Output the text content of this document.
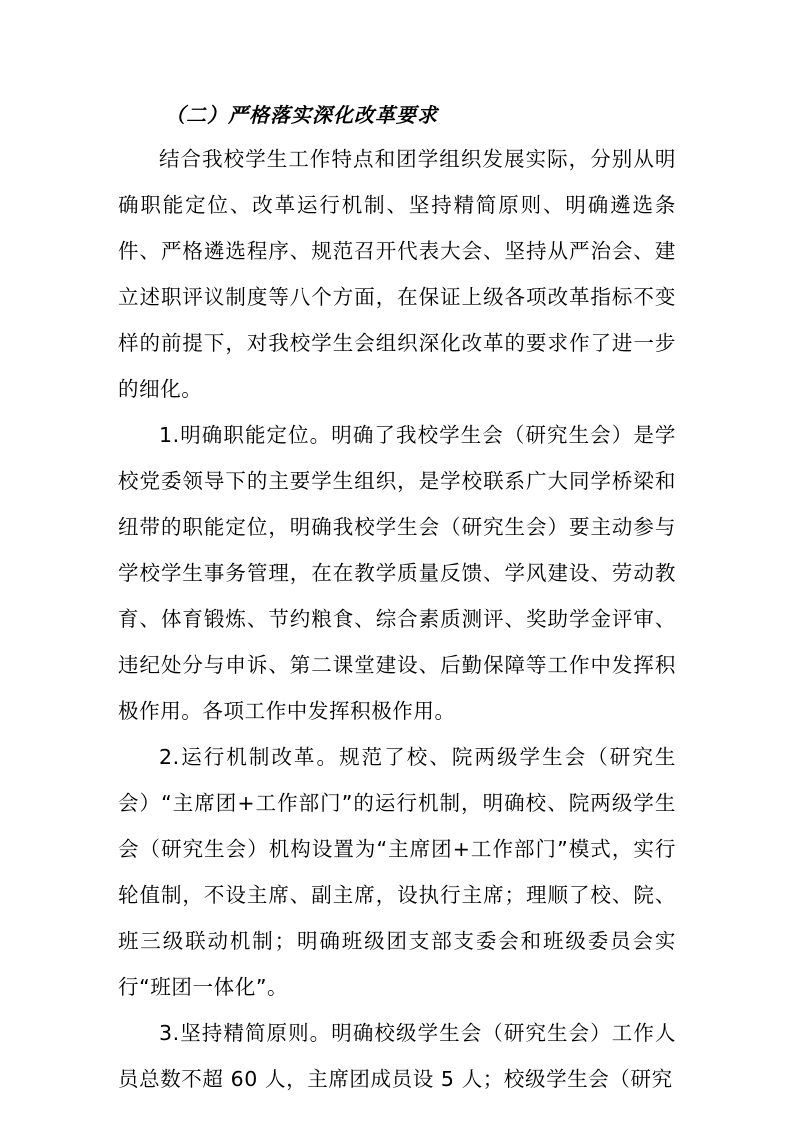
（二）严格落实深化改革要求

结合我校学生工作特点和团学组织发展实际，分别从明确职能定位、改革运行机制、坚持精简原则、明确遴选条件、严格遴选程序、规范召开代表大会、坚持从严治会、建立述职评议制度等八个方面，在保证上级各项改革指标不变样的前提下，对我校学生会组织深化改革的要求作了进一步的细化。

1.明确职能定位。明确了我校学生会（研究生会）是学校党委领导下的主要学生组织，是学校联系广大同学桥梁和纽带的职能定位，明确我校学生会（研究生会）要主动参与学校学生事务管理，在在教学质量反馈、学风建设、劳动教育、体育锻炼、节约粮食、综合素质测评、奖助学金评审、违纪处分与申诉、第二课堂建设、后勤保障等工作中发挥积极作用。各项工作中发挥积极作用。

2.运行机制改革。规范了校、院两级学生会（研究生会）“主席团+工作部门”的运行机制，明确校、院两级学生会（研究生会）机构设置为“主席团+工作部门”模式，实行轮值制，不设主席、副主席，设执行主席；理顺了校、院、班三级联动机制；明确班级团支部支委会和班级委员会实行“班团一体化”。

3.坚持精简原则。明确校级学生会（研究生会）工作人员总数不超 60 人，主席团成员设 5 人；校级学生会（研究
